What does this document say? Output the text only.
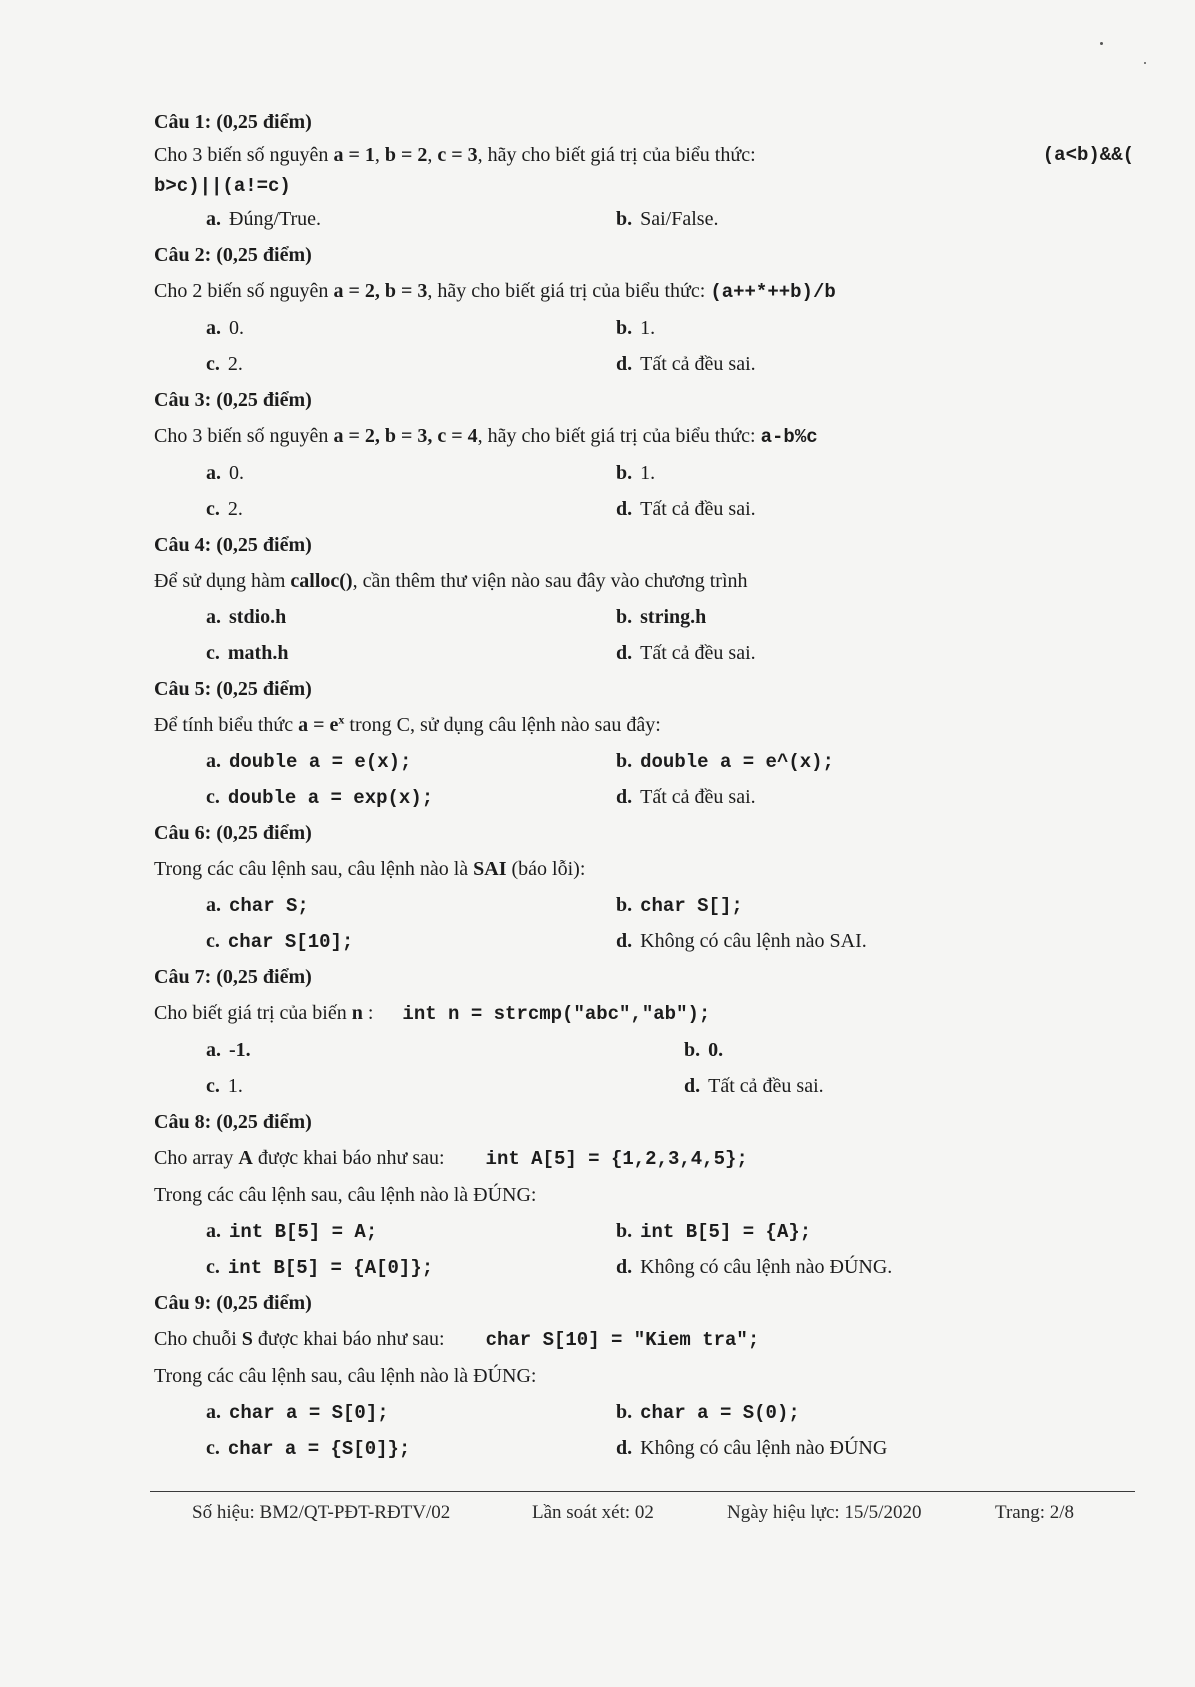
Câu 1: (0,25 điểm)
Cho 3 biến số nguyên a = 1, b = 2, c = 3, hãy cho biết giá trị của biểu thức:	(a<b)&&(

b>c)||(a!=c)
a. Đúng/True.	b. Sai/False.
Câu 2: (0,25 điểm)
Cho 2 biến số nguyên a = 2, b = 3, hãy cho biết giá trị của biểu thức: (a++*++b)/b
a. 0.	b. 1.
c. 2.	d. Tất cả đều sai.
Câu 3: (0,25 điểm)
Cho 3 biến số nguyên a = 2, b = 3, c = 4, hãy cho biết giá trị của biểu thức: a-b%c
a. 0.	b. 1.
c. 2.	d. Tất cả đều sai.
Câu 4: (0,25 điểm)
Để sử dụng hàm calloc(), cần thêm thư viện nào sau đây vào chương trình
a. stdio.h	b. string.h
c. math.h	d. Tất cả đều sai.
Câu 5: (0,25 điểm)
Để tính biểu thức $a = e^x$ trong C, sử dụng câu lệnh nào sau đây:
a. double a = e(x);	b. double a = e^(x);
c. double a = exp(x);	d. Tất cả đều sai.
Câu 6: (0,25 điểm)
Trong các câu lệnh sau, câu lệnh nào là SAI (báo lỗi):
a. char S;	b. char S[];
c. char S[10];	d. Không có câu lệnh nào SAI.
Câu 7: (0,25 điểm)
Cho biết giá trị của biến n : int n = strcmp("abc","ab");
a. -1.	b. 0.
c. 1.	d. Tất cả đều sai.
Câu 8: (0,25 điểm)
Cho array A được khai báo như sau: int A[5] = {1,2,3,4,5};
Trong các câu lệnh sau, câu lệnh nào là ĐÚNG:
a. int B[5] = A;	b. int B[5] = {A};
c. int B[5] = {A[0]};	d. Không có câu lệnh nào ĐÚNG.
Câu 9: (0,25 điểm)
Cho chuỗi S được khai báo như sau: char S[10] = "Kiem tra";
Trong các câu lệnh sau, câu lệnh nào là ĐÚNG:
a. char a = S[0];	b. char a = S(0);
c. char a = {S[0]};	d. Không có câu lệnh nào ĐÚNG
Số hiệu: BM2/QT-PĐT-RĐTV/02	Lần soát xét: 02	Ngày hiệu lực: 15/5/2020	Trang: 2/8
